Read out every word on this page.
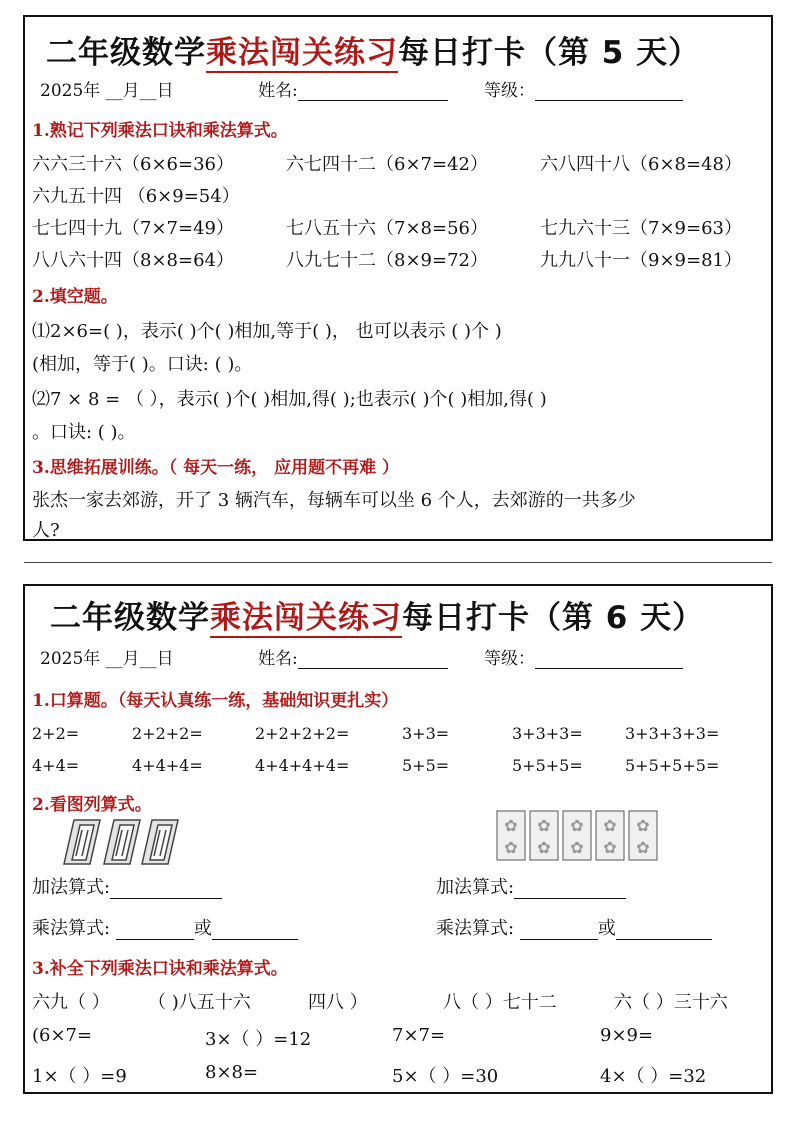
二年级数学乘法闯关练习每日打卡（第 5 天）
2025年 __月__日	姓名:	等级：
1.熟记下列乘法口诀和乘法算式。
六六三十六（6×6=36）	六七四十二（6×7=42）	六八四十八（6×8=48）
六九五十四 （6×9=54）
七七四十九（7×7=49）	七八五十六（7×8=56）	七九六十三（7×9=63）
八八六十四（8×8=64）	八九七十二（8×9=72）	九九八十一（9×9=81）
2.填空题。
⑴2×6=( )，表示( )个( )相加,等于( )， 也可以表示 ( )个 )
(相加，等于( )。口诀: ( )。
⑵7 × 8 = （ ），表示( )个( )相加,得( );也表示( )个( )相加,得( )
。口诀: ( )。
3.思维拓展训练。（ 每天一练， 应用题不再难 ）
张杰一家去郊游，开了 3 辆汽车，每辆车可以坐 6 个人，去郊游的一共多少
人?
二年级数学乘法闯关练习每日打卡（第 6 天）
2025年 __月__日	姓名:	等级：
1.口算题。（每天认真练一练，基础知识更扎实）
2+2=	2+2+2=	2+2+2+2=	3+3=	3+3+3=	3+3+3+3=
4+4=	4+4+4=	4+4+4+4=	5+5=	5+5+5=	5+5+5+5=
2.看图列算式。
✿
✿
✿
✿
✿
✿
✿
✿
✿
✿
加法算式:
乘法算式:	或
加法算式:
乘法算式:	或
3.补全下列乘法口诀和乘法算式。
六九（ ） （ )八五十六	四八 ）	八（ ）七十二	六（ ）三十六
(6×7=	3×（ ）=12	7×7=	9×9=
1×（ ）=9	8×8=	5×（ ）=30	4×（ ）=32
